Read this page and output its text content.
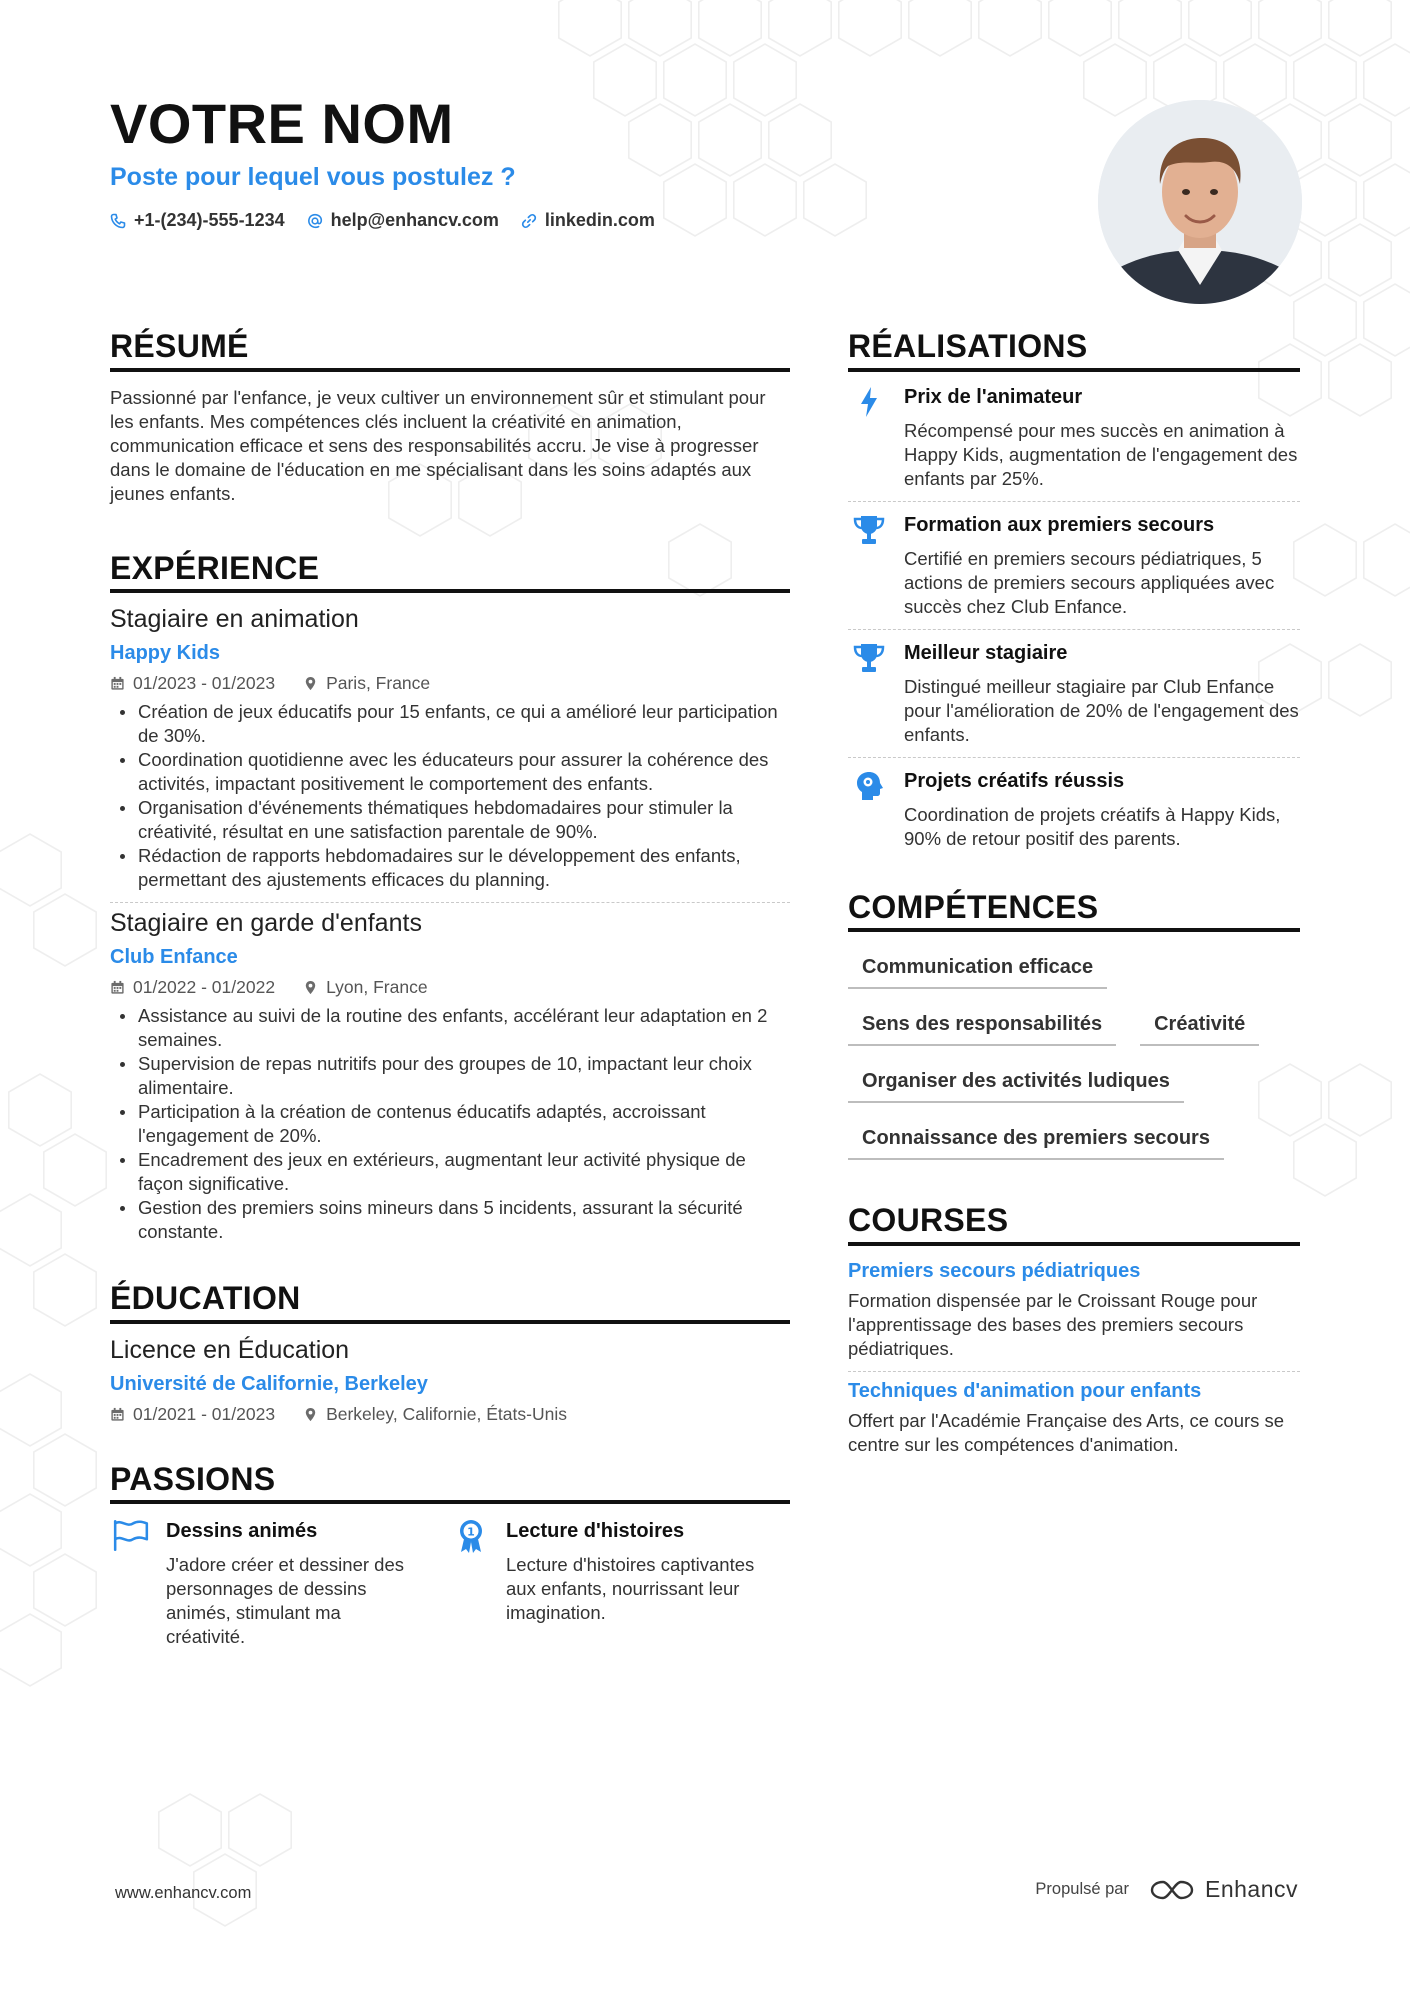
VOTRE NOM
Poste pour lequel vous postulez ?
+1-(234)-555-1234	help@enhancv.com	linkedin.com
RÉSUMÉ
Passionné par l'enfance, je veux cultiver un environnement sûr et stimulant pour les enfants. Mes compétences clés incluent la créativité en animation, communication efficace et sens des responsabilités accru. Je vise à progresser dans le domaine de l'éducation en me spécialisant dans les soins adaptés aux jeunes enfants.
EXPÉRIENCE
Stagiaire en animation
Happy Kids
01/2023 - 01/2023	Paris, France
Création de jeux éducatifs pour 15 enfants, ce qui a amélioré leur participation de 30%.
Coordination quotidienne avec les éducateurs pour assurer la cohérence des activités, impactant positivement le comportement des enfants.
Organisation d'événements thématiques hebdomadaires pour stimuler la créativité, résultat en une satisfaction parentale de 90%.
Rédaction de rapports hebdomadaires sur le développement des enfants, permettant des ajustements efficaces du planning.
Stagiaire en garde d'enfants
Club Enfance
01/2022 - 01/2022	Lyon, France
Assistance au suivi de la routine des enfants, accélérant leur adaptation en 2 semaines.
Supervision de repas nutritifs pour des groupes de 10, impactant leur choix alimentaire.
Participation à la création de contenus éducatifs adaptés, accroissant l'engagement de 20%.
Encadrement des jeux en extérieurs, augmentant leur activité physique de façon significative.
Gestion des premiers soins mineurs dans 5 incidents, assurant la sécurité constante.
ÉDUCATION
Licence en Éducation
Université de Californie, Berkeley
01/2021 - 01/2023	Berkeley, Californie, États-Unis
PASSIONS
Dessins animés
J'adore créer et dessiner des personnages de dessins animés, stimulant ma créativité.
1 Lecture d'histoires
Lecture d'histoires captivantes aux enfants, nourrissant leur imagination.
RÉALISATIONS
Prix de l'animateur
Récompensé pour mes succès en animation à Happy Kids, augmentation de l'engagement des enfants par 25%.
Formation aux premiers secours
Certifié en premiers secours pédiatriques, 5 actions de premiers secours appliquées avec succès chez Club Enfance.
Meilleur stagiaire
Distingué meilleur stagiaire par Club Enfance pour l'amélioration de 20% de l'engagement des enfants.
Projets créatifs réussis
Coordination de projets créatifs à Happy Kids, 90% de retour positif des parents.
COMPÉTENCES
Communication efficace
Sens des responsabilités	Créativité
Organiser des activités ludiques
Connaissance des premiers secours
COURSES
Premiers secours pédiatriques
Formation dispensée par le Croissant Rouge pour l'apprentissage des bases des premiers secours pédiatriques.
Techniques d'animation pour enfants
Offert par l'Académie Française des Arts, ce cours se centre sur les compétences d'animation.
www.enhancv.com	Propulsé par	Enhancv
